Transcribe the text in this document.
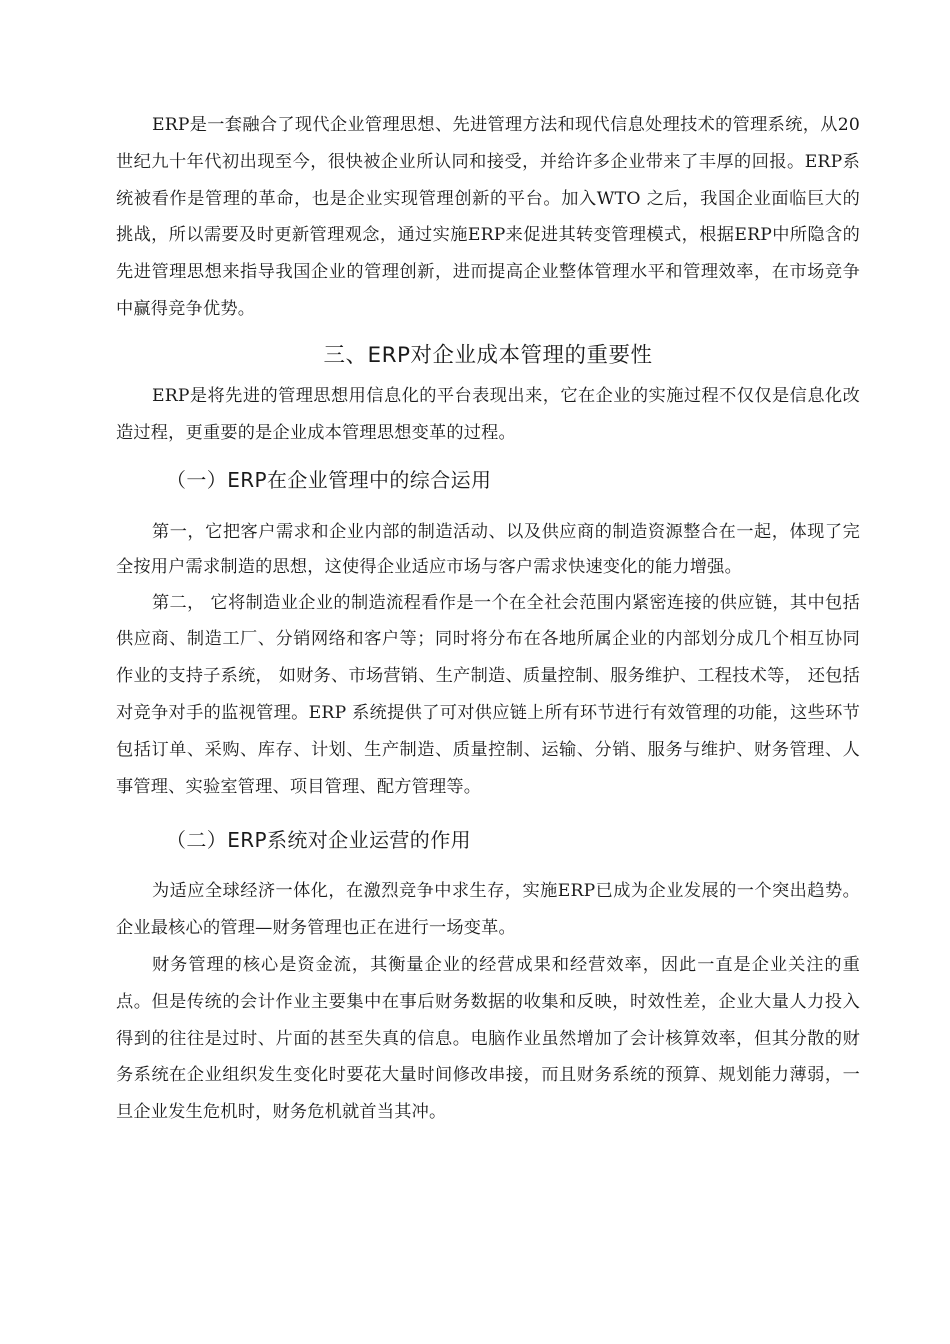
ERP是一套融合了现代企业管理思想、先进管理方法和现代信息处理技术的管理系统，从20 世纪九十年代初出现至今，很快被企业所认同和接受，并给许多企业带来了丰厚的回报。ERP系统被看作是管理的革命，也是企业实现管理创新的平台。加入WTO 之后，我国企业面临巨大的挑战，所以需要及时更新管理观念，通过实施ERP来促进其转变管理模式，根据ERP中所隐含的先进管理思想来指导我国企业的管理创新，进而提高企业整体管理水平和管理效率，在市场竞争中赢得竞争优势。

三、ERP对企业成本管理的重要性

ERP是将先进的管理思想用信息化的平台表现出来，它在企业的实施过程不仅仅是信息化改造过程，更重要的是企业成本管理思想变革的过程。

（一）ERP在企业管理中的综合运用

第一，它把客户需求和企业内部的制造活动、以及供应商的制造资源整合在一起，体现了完全按用户需求制造的思想，这使得企业适应市场与客户需求快速变化的能力增强。

第二， 它将制造业企业的制造流程看作是一个在全社会范围内紧密连接的供应链，其中包括供应商、制造工厂、分销网络和客户等；同时将分布在各地所属企业的内部划分成几个相互协同作业的支持子系统， 如财务、市场营销、生产制造、质量控制、服务维护、工程技术等， 还包括对竞争对手的监视管理。ERP 系统提供了可对供应链上所有环节进行有效管理的功能，这些环节包括订单、采购、库存、计划、生产制造、质量控制、运输、分销、服务与维护、财务管理、人事管理、实验室管理、项目管理、配方管理等。

（二）ERP系统对企业运营的作用

为适应全球经济一体化，在激烈竞争中求生存，实施ERP已成为企业发展的一个突出趋势。企业最核心的管理—财务管理也正在进行一场变革。

财务管理的核心是资金流，其衡量企业的经营成果和经营效率，因此一直是企业关注的重点。但是传统的会计作业主要集中在事后财务数据的收集和反映，时效性差，企业大量人力投入得到的往往是过时、片面的甚至失真的信息。电脑作业虽然增加了会计核算效率，但其分散的财务系统在企业组织发生变化时要花大量时间修改串接，而且财务系统的预算、规划能力薄弱，一旦企业发生危机时，财务危机就首当其冲。
